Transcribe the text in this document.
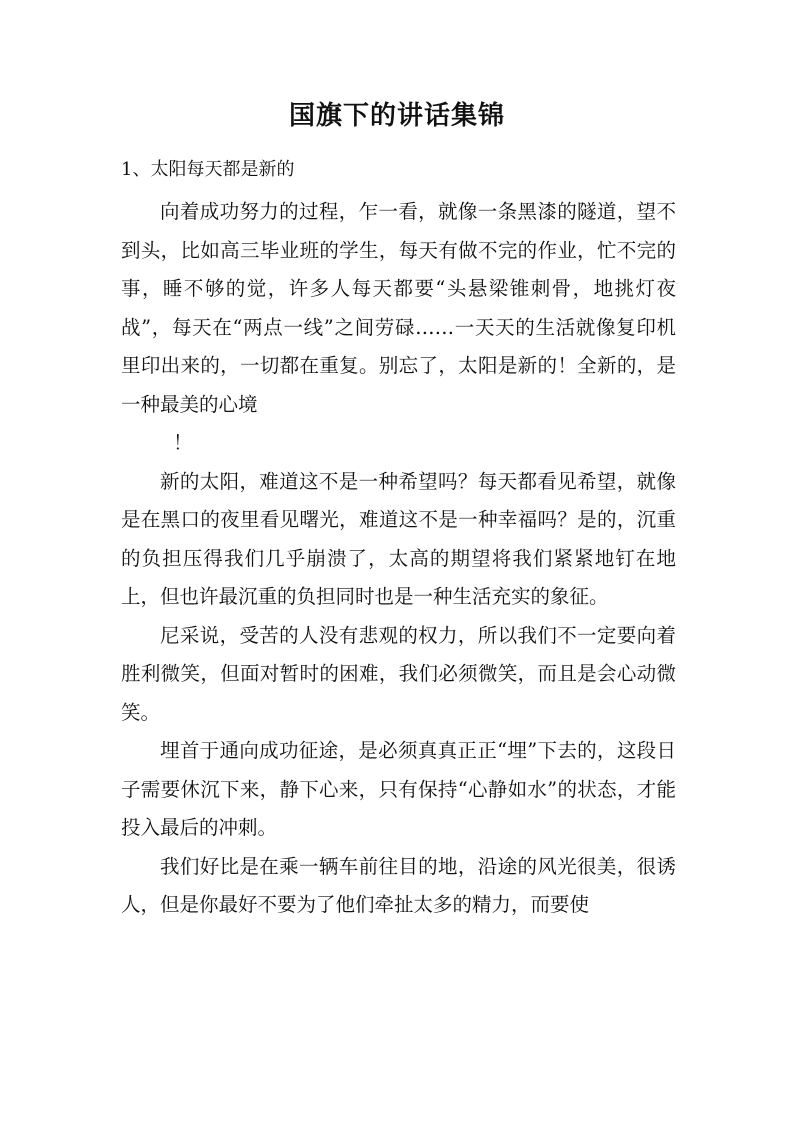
国旗下的讲话集锦
1、太阳每天都是新的

向着成功努力的过程，乍一看，就像一条黑漆的隧道，望不到头，比如高三毕业班的学生，每天有做不完的作业，忙不完的事，睡不够的觉，许多人每天都要“头悬梁锥刺骨，地挑灯夜战”，每天在“两点一线”之间劳碌……一天天的生活就像复印机里印出来的，一切都在重复。别忘了，太阳是新的！全新的，是一种最美的心境

！

新的太阳，难道这不是一种希望吗？每天都看见希望，就像是在黑口的夜里看见曙光，难道这不是一种幸福吗？是的，沉重的负担压得我们几乎崩溃了，太高的期望将我们紧紧地钉在地上，但也许最沉重的负担同时也是一种生活充实的象征。

尼采说，受苦的人没有悲观的权力，所以我们不一定要向着胜利微笑，但面对暂时的困难，我们必须微笑，而且是会心动微笑。

埋首于通向成功征途，是必须真真正正“埋”下去的，这段日子需要休沉下来，静下心来，只有保持“心静如水”的状态，才能投入最后的冲刺。

我们好比是在乘一辆车前往目的地，沿途的风光很美，很诱人，但是你最好不要为了他们牵扯太多的精力，而要使
